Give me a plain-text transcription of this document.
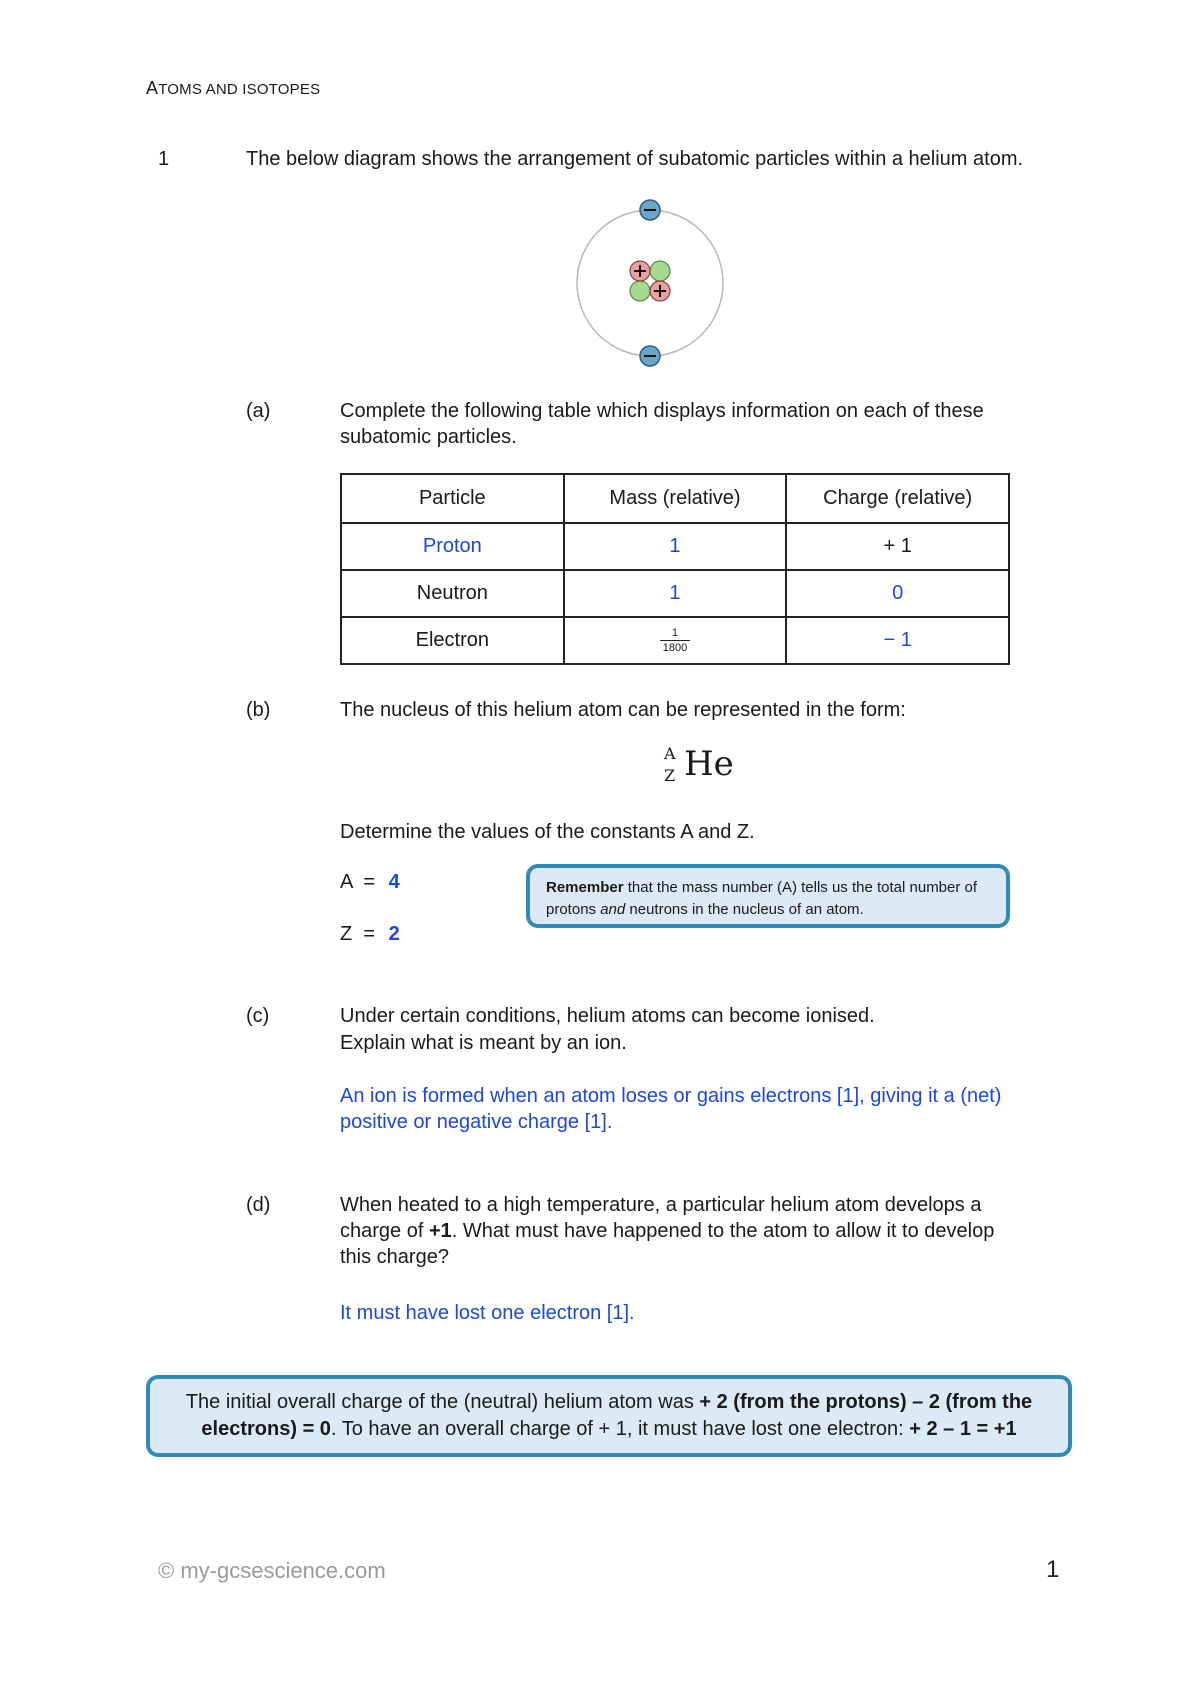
ATOMS AND ISOTOPES
1	The below diagram shows the arrangement of subatomic particles within a helium atom.
(a)	Complete the following table which displays information on each of these subatomic particles.
Particle	Mass (relative)	Charge (relative)
Proton	1	+ 1
Neutron	1	0
Electron	$\frac{1}{1800}$	− 1
(b)	The nucleus of this helium atom can be represented in the form:
A
Z He
Determine the values of the constants A and Z.
A  = 4
Z  = 2
Remember that the mass number (A) tells us the total number of protons and neutrons in the nucleus of an atom.
(c)	Under certain conditions, helium atoms can become ionised.
Explain what is meant by an ion.
An ion is formed when an atom loses or gains electrons [1], giving it a (net) positive or negative charge [1].
(d)	When heated to a high temperature, a particular helium atom develops a charge of +1. What must have happened to the atom to allow it to develop this charge?
It must have lost one electron [1].
The initial overall charge of the (neutral) helium atom was + 2 (from the protons) – 2 (from the electrons) = 0. To have an overall charge of + 1, it must have lost one electron: + 2 – 1 = +1
© my-gcsescience.com	1
